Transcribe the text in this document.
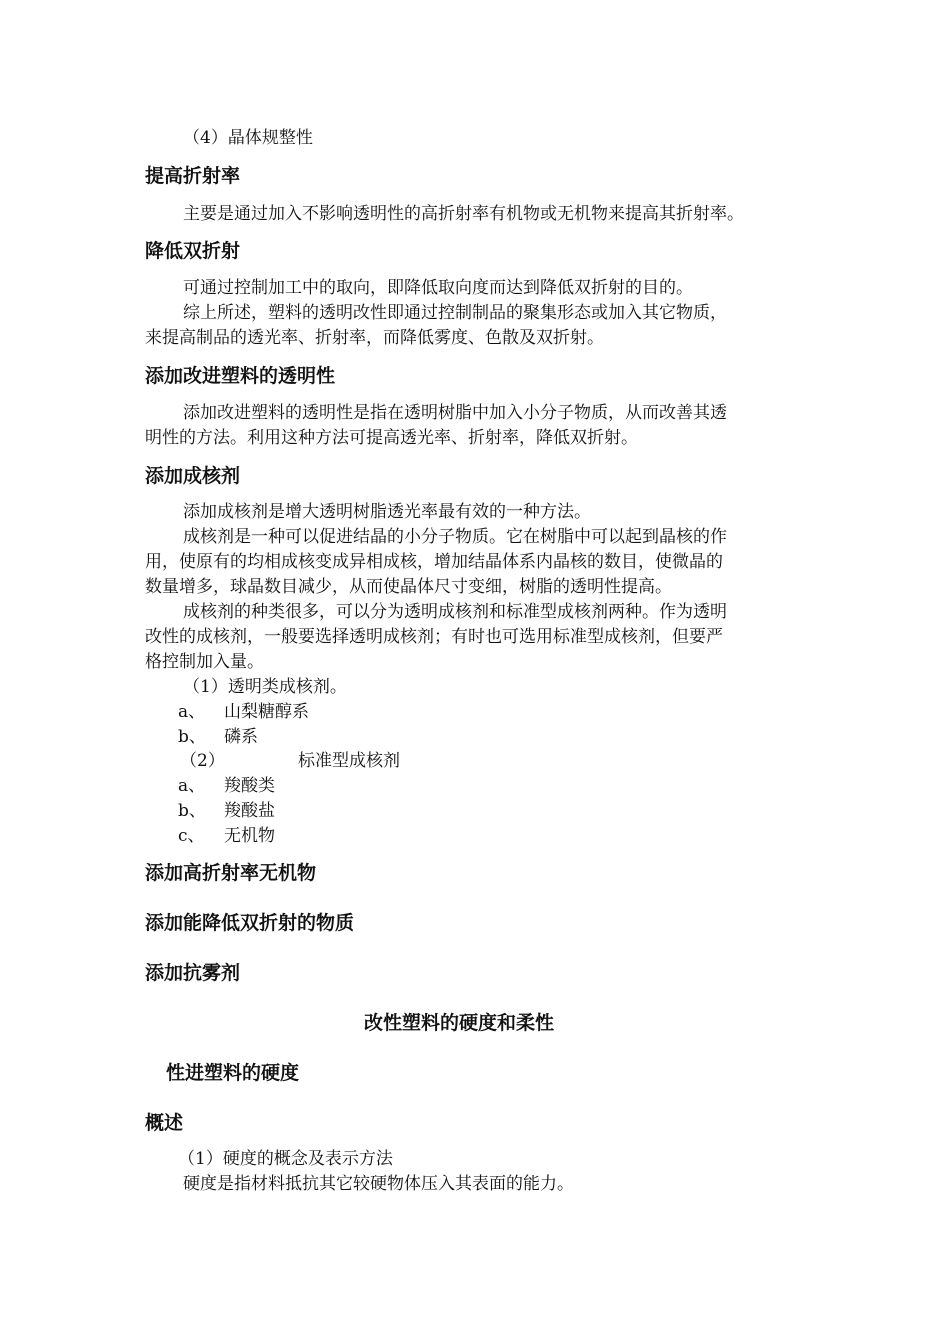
（4）晶体规整性
提高折射率
主要是通过加入不影响透明性的高折射率有机物或无机物来提高其折射率。
降低双折射
可通过控制加工中的取向，即降低取向度而达到降低双折射的目的。
综上所述，塑料的透明改性即通过控制制品的聚集形态或加入其它物质，
来提高制品的透光率、折射率，而降低雾度、色散及双折射。
添加改进塑料的透明性
添加改进塑料的透明性是指在透明树脂中加入小分子物质，从而改善其透
明性的方法。利用这种方法可提高透光率、折射率，降低双折射。
添加成核剂
添加成核剂是增大透明树脂透光率最有效的一种方法。
成核剂是一种可以促进结晶的小分子物质。它在树脂中可以起到晶核的作
用，使原有的均相成核变成异相成核，增加结晶体系内晶核的数目，使微晶的
数量增多，球晶数目减少，从而使晶体尺寸变细，树脂的透明性提高。
成核剂的种类很多，可以分为透明成核剂和标准型成核剂两种。作为透明
改性的成核剂，一般要选择透明成核剂；有时也可选用标准型成核剂，但要严
格控制加入量。
（1）透明类成核剂。
a、 山梨糖醇系
b、 磷系
（2）	标准型成核剂
a、 羧酸类
b、 羧酸盐
c、 无机物
添加高折射率无机物
添加能降低双折射的物质
添加抗雾剂
改性塑料的硬度和柔性
性进塑料的硬度
概述
（1）硬度的概念及表示方法
硬度是指材料抵抗其它较硬物体压入其表面的能力。
